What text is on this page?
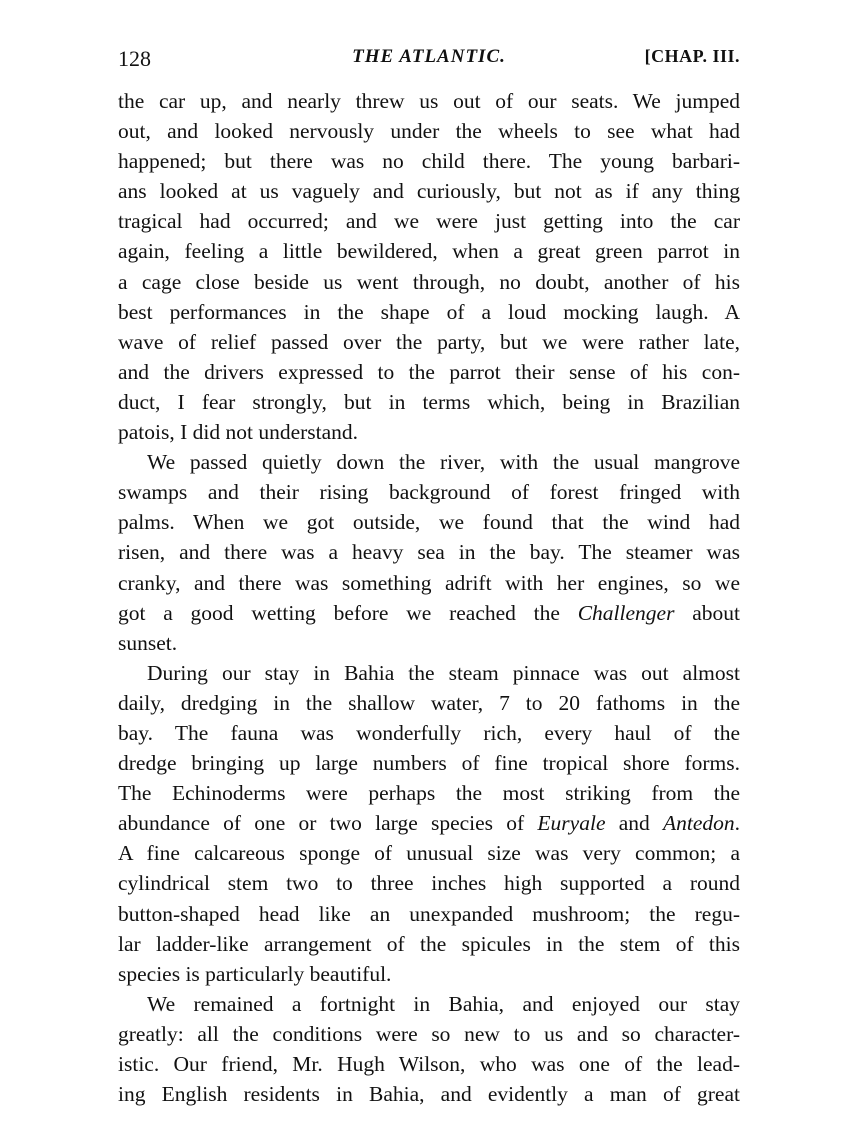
128	THE ATLANTIC.	[CHAP. III.
the car up, and nearly threw us out of our seats. We jumped
out, and looked nervously under the wheels to see what had
happened; but there was no child there. The young barbari-
ans looked at us vaguely and curiously, but not as if any thing
tragical had occurred; and we were just getting into the car
again, feeling a little bewildered, when a great green parrot in
a cage close beside us went through, no doubt, another of his
best performances in the shape of a loud mocking laugh. A
wave of relief passed over the party, but we were rather late,
and the drivers expressed to the parrot their sense of his con-
duct, I fear strongly, but in terms which, being in Brazilian
patois, I did not understand.
We passed quietly down the river, with the usual mangrove
swamps and their rising background of forest fringed with
palms. When we got outside, we found that the wind had
risen, and there was a heavy sea in the bay. The steamer was
cranky, and there was something adrift with her engines, so we
got a good wetting before we reached the Challenger about
sunset.
During our stay in Bahia the steam pinnace was out almost
daily, dredging in the shallow water, 7 to 20 fathoms in the
bay. The fauna was wonderfully rich, every haul of the
dredge bringing up large numbers of fine tropical shore forms.
The Echinoderms were perhaps the most striking from the
abundance of one or two large species of Euryale and Antedon.
A fine calcareous sponge of unusual size was very common; a
cylindrical stem two to three inches high supported a round
button-shaped head like an unexpanded mushroom; the regu-
lar ladder-like arrangement of the spicules in the stem of this
species is particularly beautiful.
We remained a fortnight in Bahia, and enjoyed our stay
greatly: all the conditions were so new to us and so character-
istic. Our friend, Mr. Hugh Wilson, who was one of the lead-
ing English residents in Bahia, and evidently a man of great
